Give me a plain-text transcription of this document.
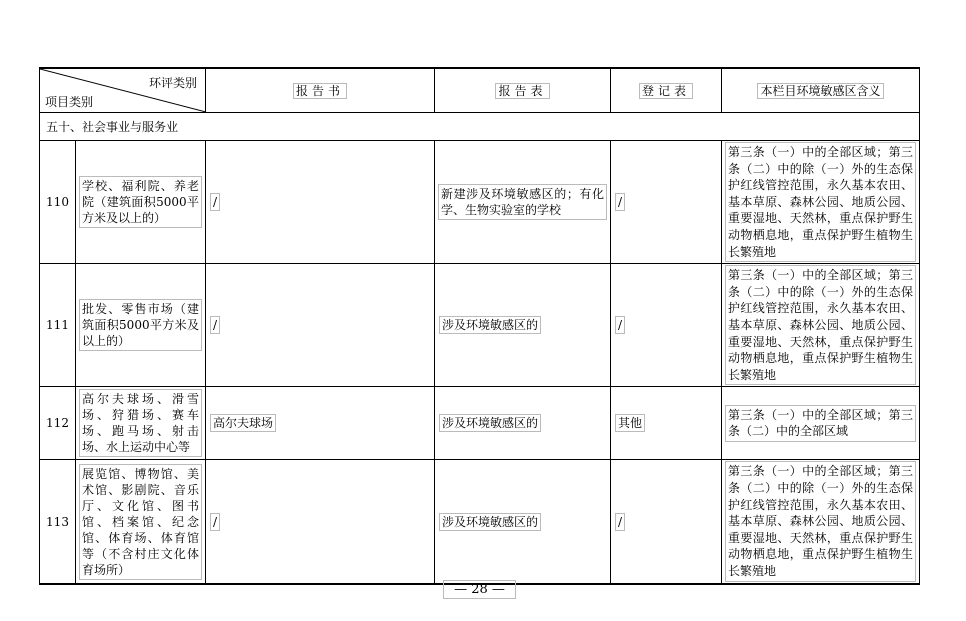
环评类别
项目类别		报告书	报告表	登记表	本栏目环境敏感区含义
五十、社会事业与服务业					
110	学校、福利院、养老院（建筑面积5000平方米及以上的）	/	新建涉及环境敏感区的；有化学、生物实验室的学校	/	第三条（一）中的全部区域；第三条（二）中的除（一）外的生态保护红线管控范围，永久基本农田、基本草原、森林公园、地质公园、重要湿地、天然林，重点保护野生动物栖息地，重点保护野生植物生长繁殖地

111	批发、零售市场（建筑面积5000平方米及以上的）	/	涉及环境敏感区的	/	第三条（一）中的全部区域；第三条（二）中的除（一）外的生态保护红线管控范围，永久基本农田、基本草原、森林公园、地质公园、重要湿地、天然林，重点保护野生动物栖息地，重点保护野生植物生长繁殖地

112	高尔夫球场、滑雪场、狩猎场、赛车场、跑马场、射击场、水上运动中心等	高尔夫球场	涉及环境敏感区的	其他	第三条（一）中的全部区域；第三条（二）中的全部区域

113	展览馆、博物馆、美术馆、影剧院、音乐厅、文化馆、图书馆、档案馆、纪念馆、体育场、体育馆等（不含村庄文化体育场所）	/	涉及环境敏感区的	/	第三条（一）中的全部区域；第三条（二）中的除（一）外的生态保护红线管控范围，永久基本农田、基本草原、森林公园、地质公园、重要湿地、天然林，重点保护野生动物栖息地，重点保护野生植物生长繁殖地
— 28 —
